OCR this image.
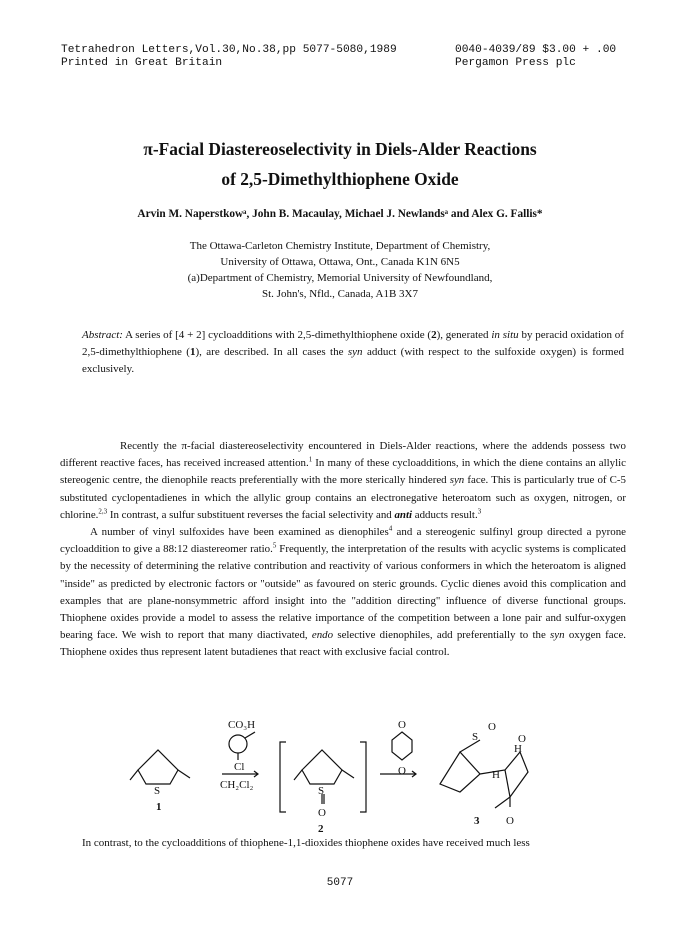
Tetrahedron Letters,Vol.30,No.38,pp 5077-5080,1989
Printed in Great Britain
0040-4039/89 $3.00 + .00
Pergamon Press plc
π-Facial Diastereoselectivity in Diels-Alder Reactions
of 2,5-Dimethylthiophene Oxide
Arvin M. Naperstkowᵃ, John B. Macaulay, Michael J. Newlandsᵃ and Alex G. Fallis*
The Ottawa-Carleton Chemistry Institute, Department of Chemistry,
University of Ottawa, Ottawa, Ont., Canada K1N 6N5
(a)Department of Chemistry, Memorial University of Newfoundland,
St. John's, Nfld., Canada, A1B 3X7
Abstract: A series of [4 + 2] cycloadditions with 2,5-dimethylthiophene oxide (2), generated in situ by peracid oxidation of 2,5-dimethylthiophene (1), are described. In all cases the syn adduct (with respect to the sulfoxide oxygen) is formed exclusively.

Recently the π-facial diastereoselectivity encountered in Diels-Alder reactions, where the addends possess two different reactive faces, has received increased attention.$^1$ In many of these cycloadditions, in which the diene contains an allylic stereogenic centre, the dienophile reacts preferentially with the more sterically hindered syn face. This is particularly true of C-5 substituted cyclopentadienes in which the allylic group contains an electronegative heteroatom such as oxygen, nitrogen, or chlorine.$^{2,3}$ In contrast, a sulfur substituent reverses the facial selectivity and anti adducts result.$^3$

A number of vinyl sulfoxides have been examined as dienophiles$^4$ and a stereogenic sulfinyl group directed a pyrone cycloaddition to give a 88:12 diastereomer ratio.$^5$ Frequently, the interpretation of the results with acyclic systems is complicated by the necessity of determining the relative contribution and reactivity of various conformers in which the heteroatom is aligned "inside" as predicted by electronic factors or "outside" as favoured on steric grounds. Cyclic dienes avoid this complication and examples that are plane-nonsymmetric afford insight into the "addition directing" influence of diverse functional groups. Thiophene oxides provide a model to assess the relative importance of the competition between a lone pair and sulfur-oxygen bearing face. We wish to report that many diactivated, endo selective dienophiles, add preferentially to the syn oxygen face. Thiophene oxides thus represent latent butadienes that react with exclusive facial control.

CO₃H
Cl
CH₂Cl₂
S
1
S
O
2
O
O
S
O
H
O
H
O
3
In contrast, to the cycloadditions of thiophene-1,1-dioxides thiophene oxides have received much less
5077
